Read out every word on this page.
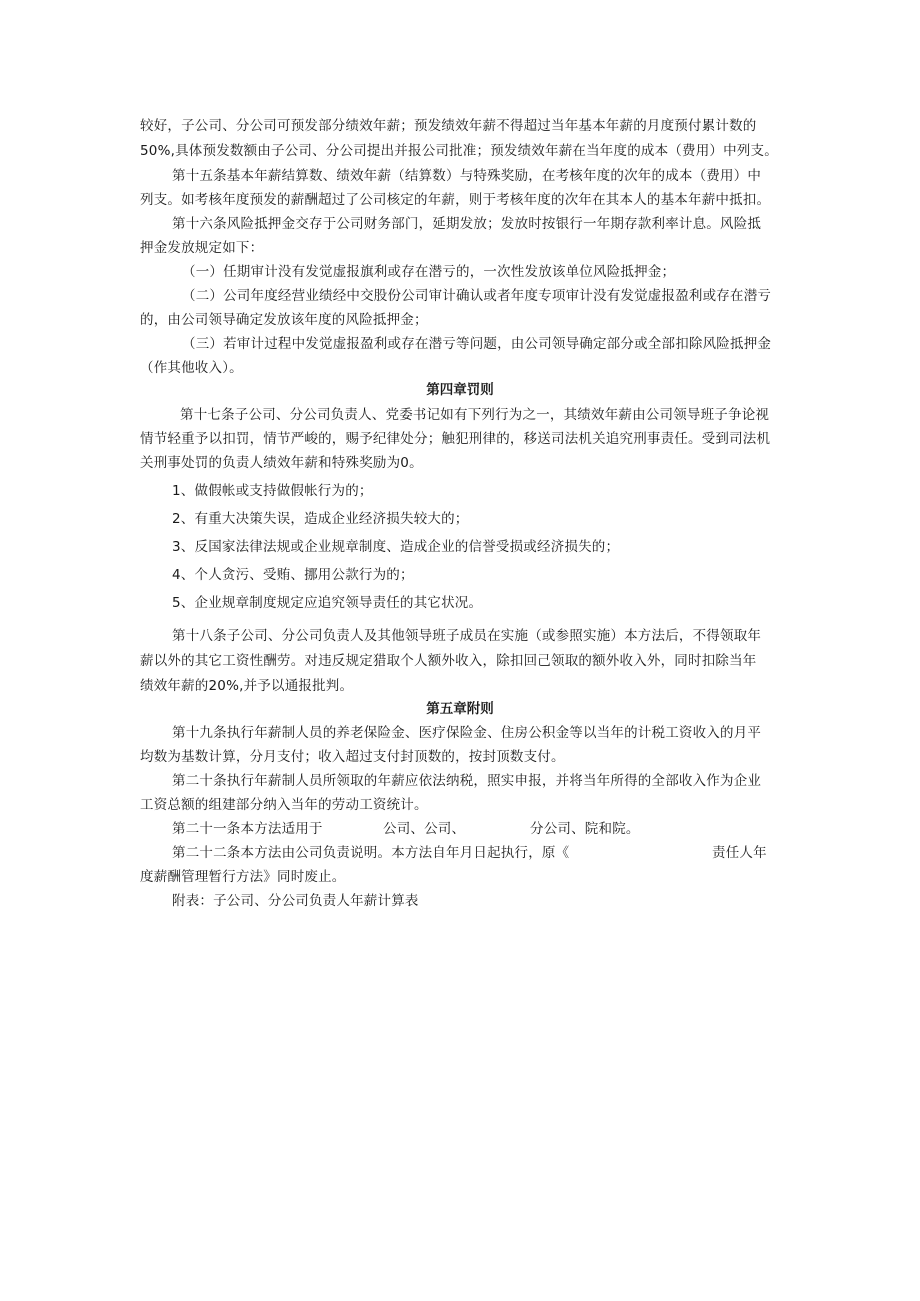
较好，子公司、分公司可预发部分绩效年薪；预发绩效年薪不得超过当年基本年薪的月度预付累计数的
50%,具体预发数额由子公司、分公司提出并报公司批准；预发绩效年薪在当年度的成本（费用）中列支。
第十五条基本年薪结算数、绩效年薪（结算数）与特殊奖励，在考核年度的次年的成本（费用）中
列支。如考核年度预发的薪酬超过了公司核定的年薪，则于考核年度的次年在其本人的基本年薪中抵扣。
第十六条风险抵押金交存于公司财务部门，延期发放；发放时按银行一年期存款利率计息。风险抵
押金发放规定如下：
（一）任期审计没有发觉虚报旗利或存在潜亏的，一次性发放该单位风险抵押金；
（二）公司年度经营业绩经中交股份公司审计确认或者年度专项审计没有发觉虚报盈利或存在潜亏
的，由公司领导确定发放该年度的风险抵押金；
（三）若审计过程中发觉虚报盈利或存在潜亏等问题，由公司领导确定部分或全部扣除风险抵押金
（作其他收入）。
第四章罚则
第十七条子公司、分公司负责人、党委书记如有下列行为之一，其绩效年薪由公司领导班子争论视
情节轻重予以扣罚，情节严峻的，赐予纪律处分；触犯刑律的，移送司法机关追究刑事责任。受到司法机
关刑事处罚的负责人绩效年薪和特殊奖励为0。
1、做假帐或支持做假帐行为的；
2、有重大决策失误，造成企业经济损失较大的；
3、反国家法律法规或企业规章制度、造成企业的信誉受损或经济损失的；
4、个人贪污、受贿、挪用公款行为的；
5、企业规章制度规定应追究领导责任的其它状况。
第十八条子公司、分公司负责人及其他领导班子成员在实施（或参照实施）本方法后，不得领取年
薪以外的其它工资性酬劳。对违反规定猎取个人额外收入，除扣回己领取的额外收入外，同时扣除当年
绩效年薪的20%,并予以通报批判。
第五章附则
第十九条执行年薪制人员的养老保险金、医疗保险金、住房公积金等以当年的计税工资收入的月平
均数为基数计算，分月支付；收入超过支付封顶数的，按封顶数支付。
第二十条执行年薪制人员所领取的年薪应依法纳税，照实申报，并将当年所得的全部收入作为企业
工资总额的组建部分纳入当年的劳动工资统计。
第二十一条本方法适用于	公司、公司、	分公司、院和院。
第二十二条本方法由公司负责说明。本方法自年月日起执行，原《	责任人年
度薪酬管理暂行方法》同时废止。
附表：子公司、分公司负责人年薪计算表
